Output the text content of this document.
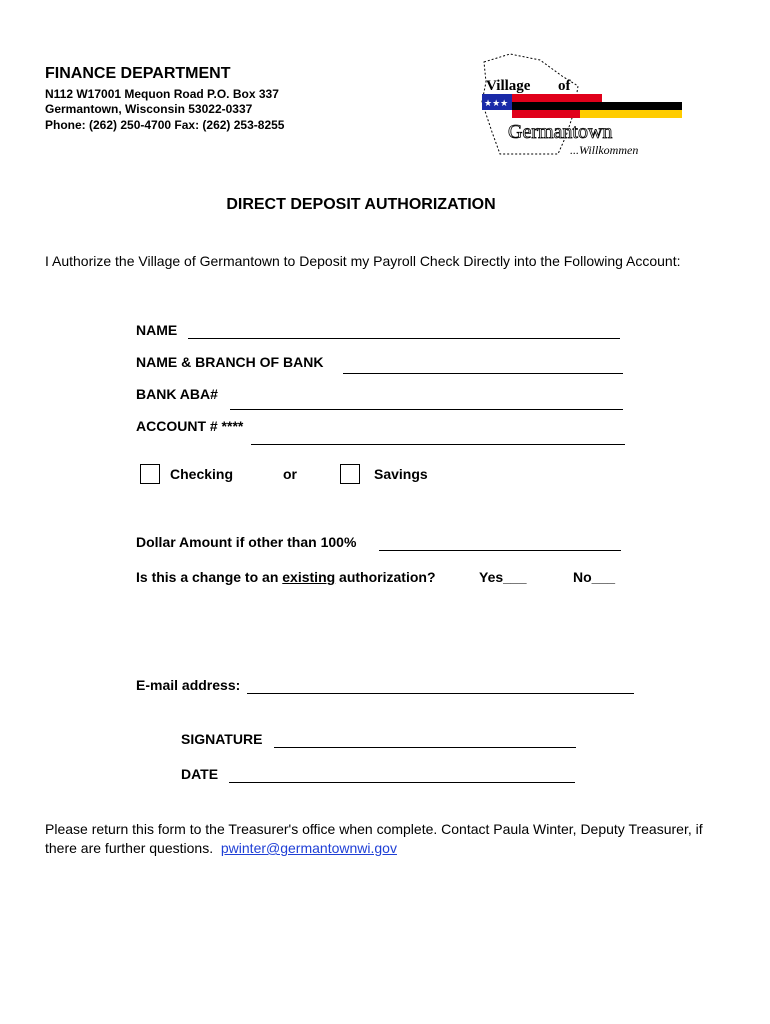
FINANCE DEPARTMENT
N112 W17001 Mequon Road P.O. Box 337
Germantown, Wisconsin 53022-0337
Phone: (262) 250-4700 Fax: (262) 253-8255
★★★
Village of
Germantown
...Willkommen
DIRECT DEPOSIT AUTHORIZATION
I Authorize the Village of Germantown to Deposit my Payroll Check Directly into the Following Account:
NAME
NAME & BRANCH OF BANK
BANK ABA#
ACCOUNT # ****
Checking	or	Savings
Dollar Amount if other than 100%
Is this a change to an existing authorization?	Yes___	No___
E-mail address:
SIGNATURE
DATE
Please return this form to the Treasurer's office when complete. Contact Paula Winter, Deputy Treasurer, if there are further questions. pwinter@germantownwi.gov
